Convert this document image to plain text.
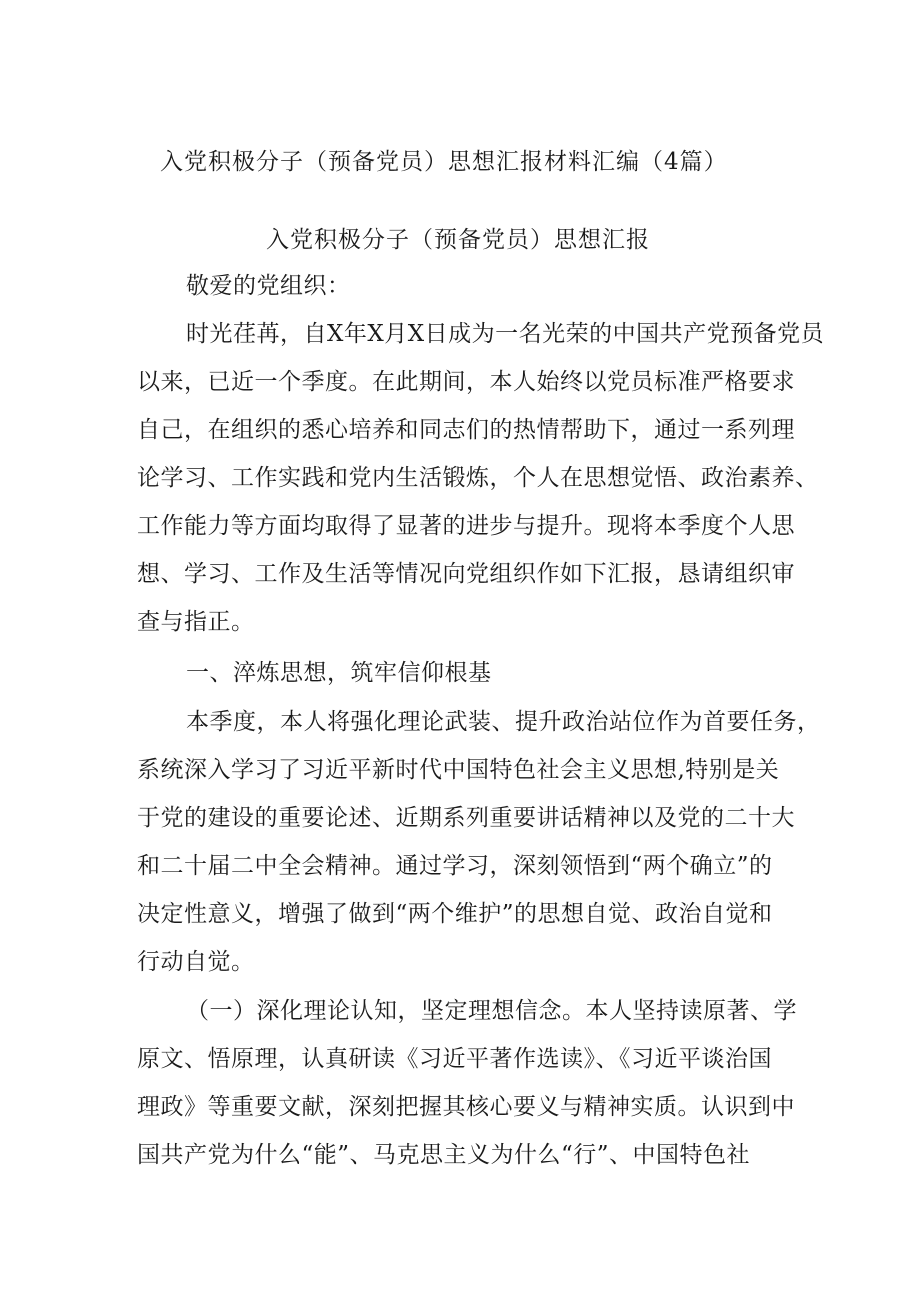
入党积极分子（预备党员）思想汇报材料汇编（4篇）
入党积极分子（预备党员）思想汇报
敬爱的党组织：
时光荏苒，自X年X月X日成为一名光荣的中国共产党预备党员
以来，已近一个季度。在此期间，本人始终以党员标准严格要求
自己，在组织的悉心培养和同志们的热情帮助下，通过一系列理
论学习、工作实践和党内生活锻炼，个人在思想觉悟、政治素养、
工作能力等方面均取得了显著的进步与提升。现将本季度个人思
想、学习、工作及生活等情况向党组织作如下汇报，恳请组织审
查与指正。
一、淬炼思想，筑牢信仰根基
本季度，本人将强化理论武装、提升政治站位作为首要任务，
系统深入学习了习近平新时代中国特色社会主义思想,特别是关
于党的建设的重要论述、近期系列重要讲话精神以及党的二十大
和二十届二中全会精神。通过学习，深刻领悟到“两个确立”的
决定性意义，增强了做到“两个维护”的思想自觉、政治自觉和
行动自觉。
（一）深化理论认知，坚定理想信念。本人坚持读原著、学
原文、悟原理，认真研读《习近平著作选读》、《习近平谈治国
理政》等重要文献，深刻把握其核心要义与精神实质。认识到中
国共产党为什么“能”、马克思主义为什么“行”、中国特色社
